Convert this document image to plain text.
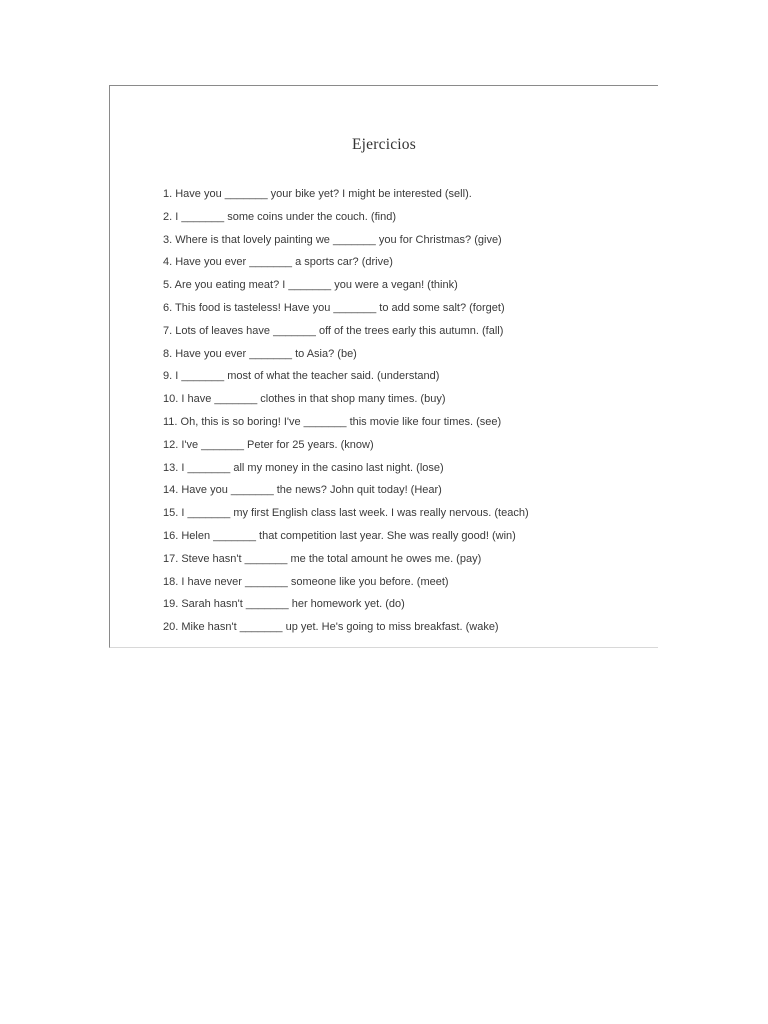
Ejercicios
1. Have you _______ your bike yet? I might be interested (sell).
2. I _______ some coins under the couch. (find)
3. Where is that lovely painting we _______ you for Christmas? (give)
4. Have you ever _______ a sports car? (drive)
5. Are you eating meat? I _______ you were a vegan! (think)
6. This food is tasteless! Have you _______ to add some salt? (forget)
7. Lots of leaves have _______ off of the trees early this autumn. (fall)
8. Have you ever _______ to Asia? (be)
9. I _______ most of what the teacher said. (understand)
10. I have _______ clothes in that shop many times. (buy)
11. Oh, this is so boring! I've _______ this movie like four times. (see)
12. I've _______ Peter for 25 years. (know)
13. I _______ all my money in the casino last night. (lose)
14. Have you _______ the news? John quit today! (Hear)
15. I _______ my first English class last week. I was really nervous. (teach)
16. Helen _______ that competition last year. She was really good! (win)
17. Steve hasn't _______ me the total amount he owes me. (pay)
18. I have never _______ someone like you before. (meet)
19. Sarah hasn't _______ her homework yet. (do)
20. Mike hasn't _______ up yet. He's going to miss breakfast. (wake)
